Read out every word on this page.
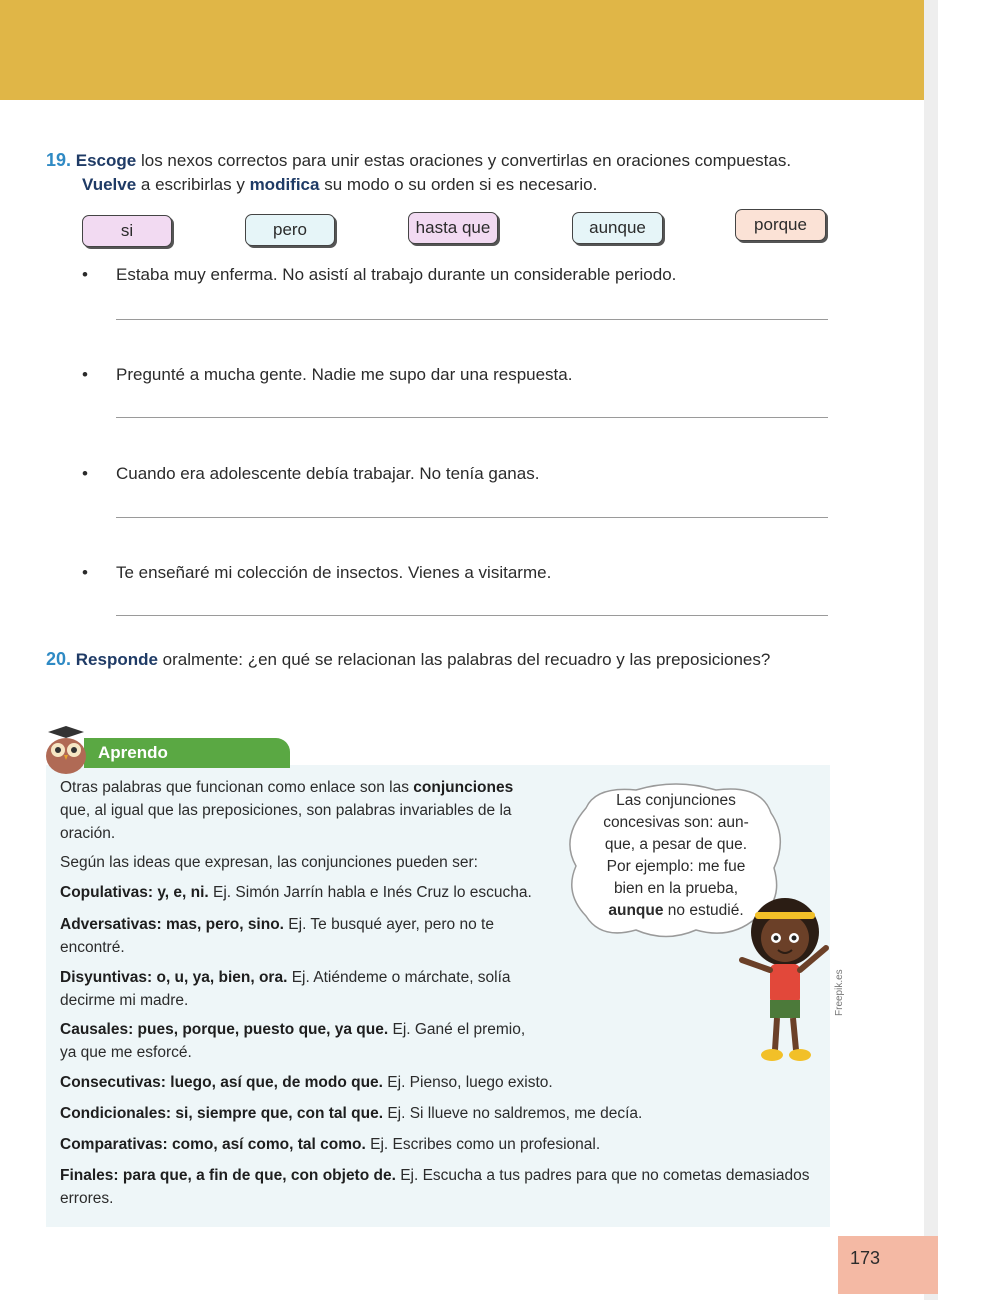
19. Escoge los nexos correctos para unir estas oraciones y convertirlas en oraciones compuestas.
Vuelve a escribirlas y modifica su modo o su orden si es necesario.
si	pero	hasta que	aunque	porque
• Estaba muy enferma. No asistí al trabajo durante un considerable periodo.
• Pregunté a mucha gente. Nadie me supo dar una respuesta.
• Cuando era adolescente debía trabajar. No tenía ganas.
• Te enseñaré mi colección de insectos. Vienes a visitarme.
20. Responde oralmente: ¿en qué se relacionan las palabras del recuadro y las preposiciones?
Aprendo
Otras palabras que funcionan como enlace son las conjunciones
que, al igual que las preposiciones, son palabras invariables de la
oración.
Según las ideas que expresan, las conjunciones pueden ser:
Copulativas: y, e, ni. Ej. Simón Jarrín habla e Inés Cruz lo escucha.
Adversativas: mas, pero, sino. Ej. Te busqué ayer, pero no te
encontré.
Disyuntivas: o, u, ya, bien, ora. Ej. Atiéndeme o márchate, solía
decirme mi madre.
Causales: pues, porque, puesto que, ya que. Ej. Gané el premio,
ya que me esforcé.
Consecutivas: luego, así que, de modo que. Ej. Pienso, luego existo.
Condicionales: si, siempre que, con tal que. Ej. Si llueve no saldremos, me decía.
Comparativas: como, así como, tal como. Ej. Escribes como un profesional.
Finales: para que, a fin de que, con objeto de. Ej. Escucha a tus padres para que no cometas demasiados
errores.
Las conjunciones
concesivas son: aun-
que, a pesar de que.
Por ejemplo: me fue
bien en la prueba,
aunque no estudié.
Freepik.es
173
